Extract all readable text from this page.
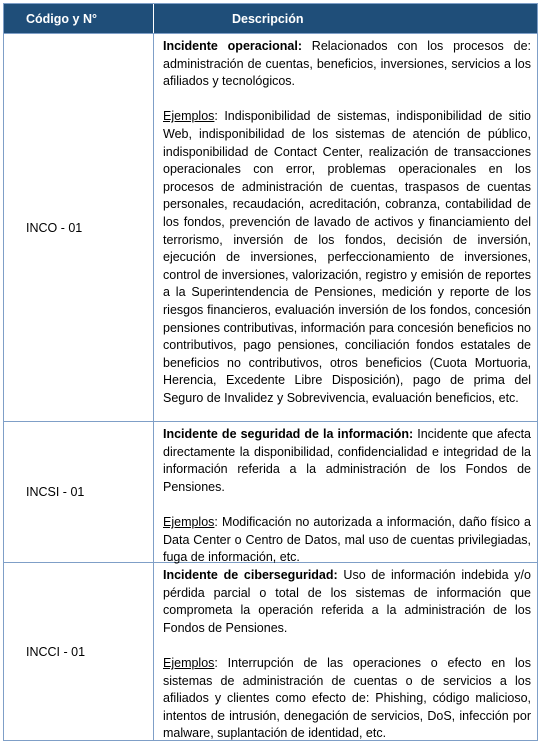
Código y N°	Descripción
INCO - 01

Incidente operacional: Relacionados con los procesos de: administración de cuentas, beneficios, inversiones, servicios a los afiliados y tecnológicos.

Ejemplos: Indisponibilidad de sistemas, indisponibilidad de sitio Web, indisponibilidad de los sistemas de atención de público, indisponibilidad de Contact Center, realización de transacciones operacionales con error, problemas operacionales en los procesos de administración de cuentas, traspasos de cuentas personales, recaudación, acreditación, cobranza, contabilidad de los fondos, prevención de lavado de activos y financiamiento del terrorismo, inversión de los fondos, decisión de inversión, ejecución de inversiones, perfeccionamiento de inversiones, control de inversiones, valorización, registro y emisión de reportes a la Superintendencia de Pensiones, medición y reporte de los riesgos financieros, evaluación inversión de los fondos, concesión pensiones contributivas, información para concesión beneficios no contributivos, pago pensiones, conciliación fondos estatales de beneficios no contributivos, otros beneficios (Cuota Mortuoria, Herencia, Excedente Libre Disposición), pago de prima del Seguro de Invalidez y Sobrevivencia, evaluación beneficios, etc.

INCSI - 01

Incidente de seguridad de la información: Incidente que afecta directamente la disponibilidad, confidencialidad e integridad de la información referida a la administración de los Fondos de Pensiones.

Ejemplos: Modificación no autorizada a información, daño físico a Data Center o Centro de Datos, mal uso de cuentas privilegiadas, fuga de información, etc.

INCCI - 01

Incidente de ciberseguridad: Uso de información indebida y/o pérdida parcial o total de los sistemas de información que comprometa la operación referida a la administración de los Fondos de Pensiones.

Ejemplos: Interrupción de las operaciones o efecto en los sistemas de administración de cuentas o de servicios a los afiliados y clientes como efecto de: Phishing, código malicioso, intentos de intrusión, denegación de servicios, DoS, infección por malware, suplantación de identidad, etc.
